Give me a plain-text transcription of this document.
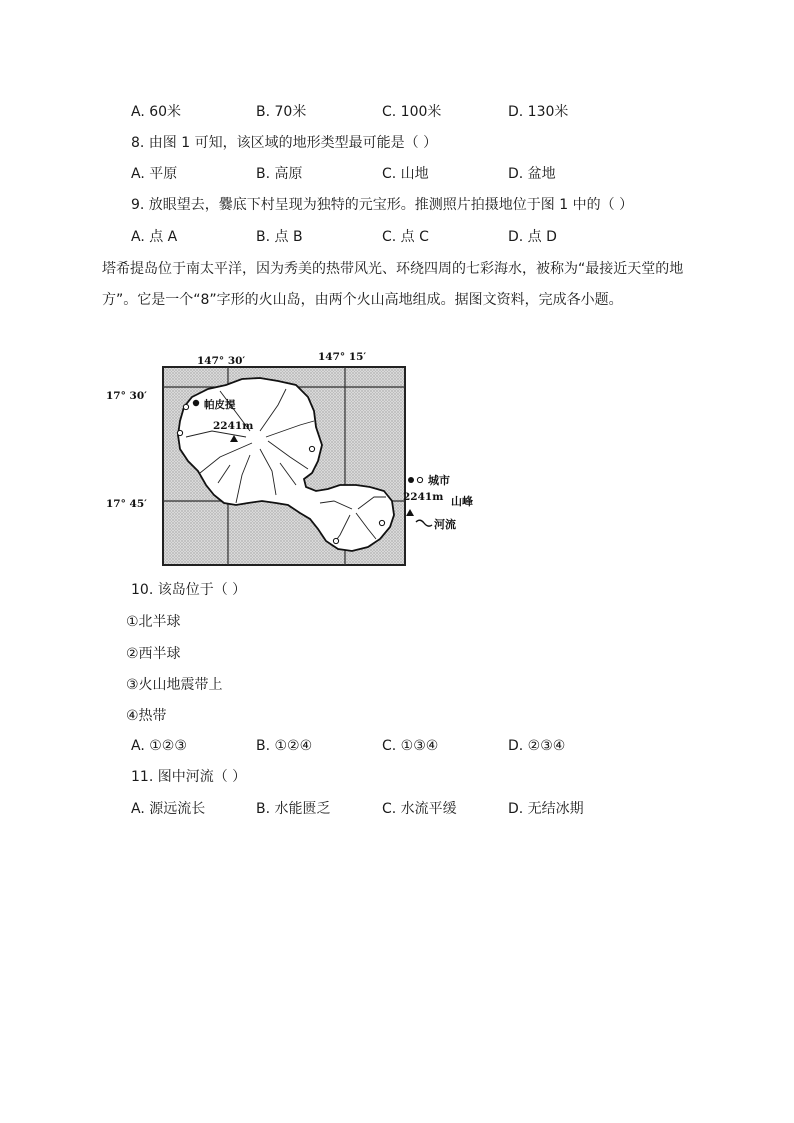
A. 60米	B. 70米	C. 100米	D. 130米
8. 由图 1 可知，该区域的地形类型最可能是（ ）
A. 平原	B. 高原	C. 山地	D. 盆地
9. 放眼望去，爨底下村呈现为独特的元宝形。推测照片拍摄地位于图 1 中的（ ）
A. 点 A	B. 点 B	C. 点 C	D. 点 D
塔希提岛位于南太平洋，因为秀美的热带风光、环绕四周的七彩海水，被称为“最接近天堂的地
方”。它是一个“8”字形的火山岛，由两个火山高地组成。据图文资料，完成各小题。
帕皮提
2241m
147° 30′	147° 15′
17° 30′
17° 45′
城市
2241m 山峰
河流
10. 该岛位于（ ）
①北半球
②西半球
③火山地震带上
④热带
A. ①②③	B. ①②④	C. ①③④	D. ②③④
11. 图中河流（ ）
A. 源远流长	B. 水能匮乏	C. 水流平缓	D. 无结冰期
